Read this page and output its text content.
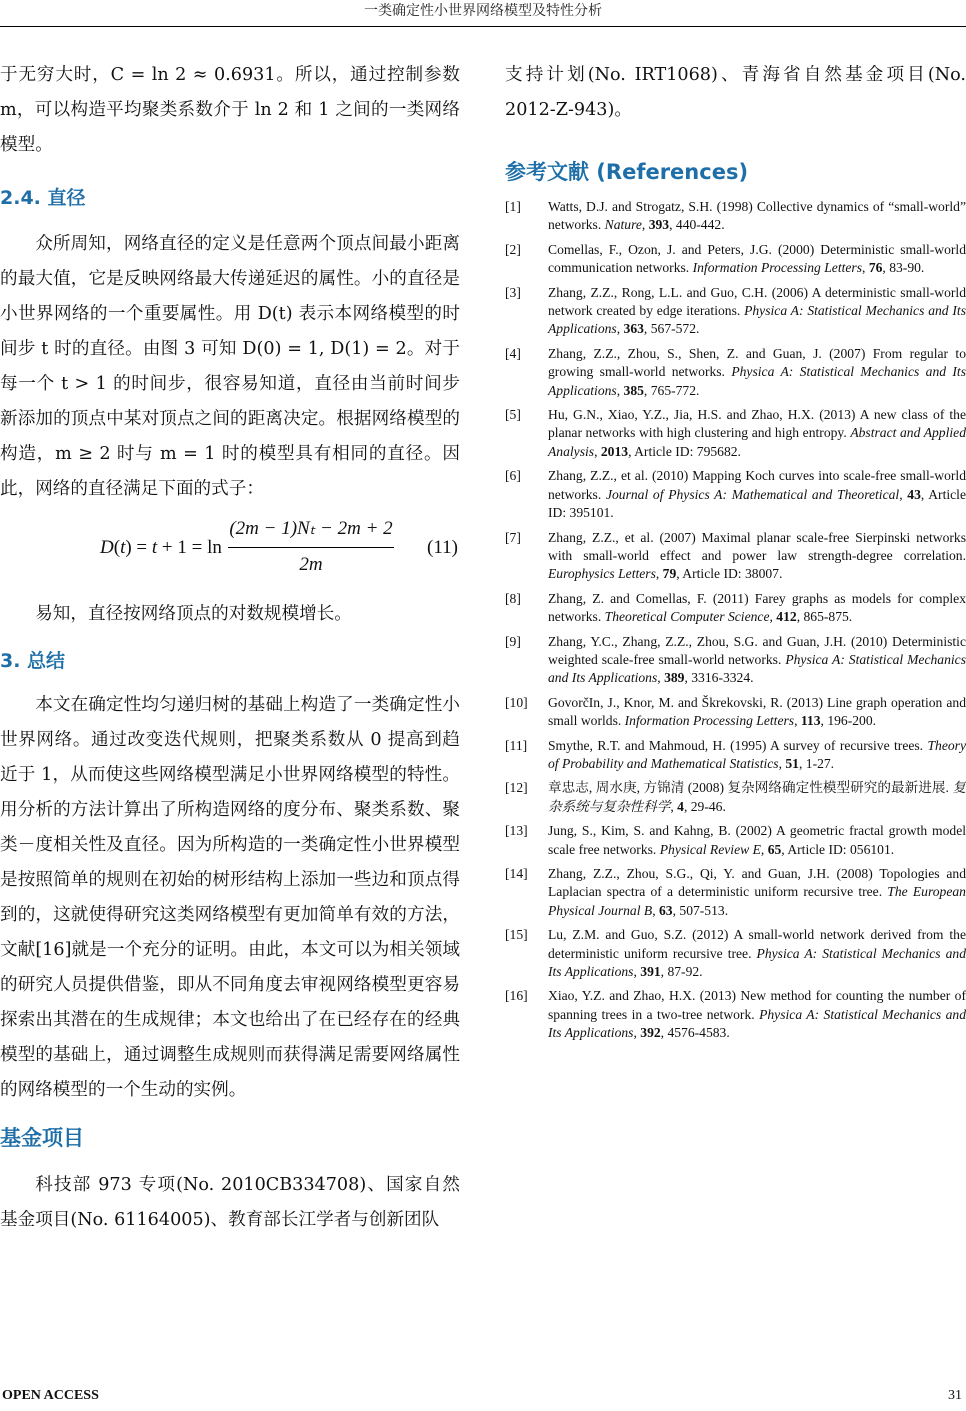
一类确定性小世界网络模型及特性分析

于无穷大时，C = ln 2 ≈ 0.6931。所以，通过控制参数 m，可以构造平均聚类系数介于 ln 2 和 1 之间的一类网络模型。

2.4. 直径

众所周知，网络直径的定义是任意两个顶点间最小距离的最大值，它是反映网络最大传递延迟的属性。小的直径是小世界网络的一个重要属性。用 D(t) 表示本网络模型的时间步 t 时的直径。由图 3 可知 D(0) = 1, D(1) = 2。对于每一个 t > 1 的时间步，很容易知道，直径由当前时间步新添加的顶点中某对顶点之间的距离决定。根据网络模型的构造，m ≥ 2 时与 m = 1 时的模型具有相同的直径。因此，网络的直径满足下面的式子：

D(t) = t + 1 = ln
(2m − 1)Nₜ − 2m + 2
2m
(11)

易知，直径按网络顶点的对数规模增长。

3. 总结

本文在确定性均匀递归树的基础上构造了一类确定性小世界网络。通过改变迭代规则，把聚类系数从 0 提高到趋近于 1，从而使这些网络模型满足小世界网络模型的特性。用分析的方法计算出了所构造网络的度分布、聚类系数、聚类－度相关性及直径。因为所构造的一类确定性小世界模型是按照简单的规则在初始的树形结构上添加一些边和顶点得到的，这就使得研究这类网络模型有更加简单有效的方法，文献[16]就是一个充分的证明。由此，本文可以为相关领域的研究人员提供借鉴，即从不同角度去审视网络模型更容易探索出其潜在的生成规律；本文也给出了在已经存在的经典模型的基础上，通过调整生成规则而获得满足需要网络属性的网络模型的一个生动的实例。

基金项目

科技部 973 专项(No. 2010CB334708)、国家自然基金项目(No. 61164005)、教育部长江学者与创新团队

支持计划(No. IRT1068)、青海省自然基金项目(No. 2012-Z-943)。

参考文献 (References)

[1] Watts, D.J. and Strogatz, S.H. (1998) Collective dynamics of “small-world” networks. Nature, 393, 440-442.

[2] Comellas, F., Ozon, J. and Peters, J.G. (2000) Deterministic small-world communication networks. Information Processing Letters, 76, 83-90.

[3] Zhang, Z.Z., Rong, L.L. and Guo, C.H. (2006) A deterministic small-world network created by edge iterations. Physica A: Statistical Mechanics and Its Applications, 363, 567-572.

[4] Zhang, Z.Z., Zhou, S., Shen, Z. and Guan, J. (2007) From regular to growing small-world networks. Physica A: Statistical Mechanics and Its Applications, 385, 765-772.

[5] Hu, G.N., Xiao, Y.Z., Jia, H.S. and Zhao, H.X. (2013) A new class of the planar networks with high clustering and high entropy. Abstract and Applied Analysis, 2013, Article ID: 795682.

[6] Zhang, Z.Z., et al. (2010) Mapping Koch curves into scale-free small-world networks. Journal of Physics A: Mathematical and Theoretical, 43, Article ID: 395101.

[7] Zhang, Z.Z., et al. (2007) Maximal planar scale-free Sierpinski networks with small-world effect and power law strength-degree correlation. Europhysics Letters, 79, Article ID: 38007.

[8] Zhang, Z. and Comellas, F. (2011) Farey graphs as models for complex networks. Theoretical Computer Science, 412, 865-875.

[9] Zhang, Y.C., Zhang, Z.Z., Zhou, S.G. and Guan, J.H. (2010) Deterministic weighted scale-free small-world networks. Physica A: Statistical Mechanics and Its Applications, 389, 3316-3324.

[10] GovorčIn, J., Knor, M. and Škrekovski, R. (2013) Line graph operation and small worlds. Information Processing Letters, 113, 196-200.

[11] Smythe, R.T. and Mahmoud, H. (1995) A survey of recursive trees. Theory of Probability and Mathematical Statistics, 51, 1-27.

[12] 章忠志, 周水庚, 方锦清 (2008) 复杂网络确定性模型研究的最新进展. 复杂系统与复杂性科学, 4, 29-46.

[13] Jung, S., Kim, S. and Kahng, B. (2002) A geometric fractal growth model scale free networks. Physical Review E, 65, Article ID: 056101.

[14] Zhang, Z.Z., Zhou, S.G., Qi, Y. and Guan, J.H. (2008) Topologies and Laplacian spectra of a deterministic uniform recursive tree. The European Physical Journal B, 63, 507-513.

[15] Lu, Z.M. and Guo, S.Z. (2012) A small-world network derived from the deterministic uniform recursive tree. Physica A: Statistical Mechanics and Its Applications, 391, 87-92.

[16] Xiao, Y.Z. and Zhao, H.X. (2013) New method for counting the number of spanning trees in a two-tree network. Physica A: Statistical Mechanics and Its Applications, 392, 4576-4583.

OPEN ACCESS	31
